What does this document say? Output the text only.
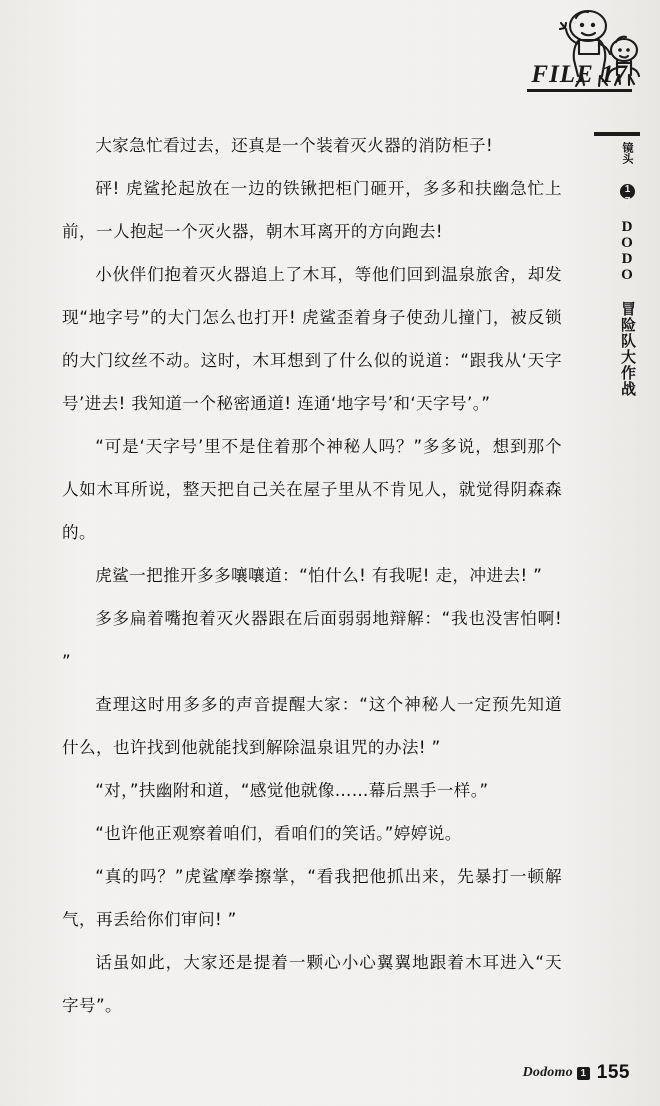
FILE 17
镜头 17 DODO 冒险队大作战

大家急忙看过去，还真是一个装着灭火器的消防柜子!

砰! 虎鲨抡起放在一边的铁锹把柜门砸开，多多和扶幽急忙上前，一人抱起一个灭火器，朝木耳离开的方向跑去!

小伙伴们抱着灭火器追上了木耳，等他们回到温泉旅舍，却发现“地字号”的大门怎么也打开! 虎鲨歪着身子使劲儿撞门，被反锁的大门纹丝不动。这时，木耳想到了什么似的说道：“跟我从‘天字号’进去! 我知道一个秘密通道! 连通‘地字号’和‘天字号’。”

“可是‘天字号’里不是住着那个神秘人吗？”多多说，想到那个人如木耳所说，整天把自己关在屋子里从不肯见人，就觉得阴森森的。

虎鲨一把推开多多嚷嚷道：“怕什么! 有我呢! 走，冲进去! ”

多多扁着嘴抱着灭火器跟在后面弱弱地辩解：“我也没害怕啊! ”

查理这时用多多的声音提醒大家：“这个神秘人一定预先知道什么，也许找到他就能找到解除温泉诅咒的办法! ”

“对，”扶幽附和道，“感觉他就像……幕后黑手一样。”

“也许他正观察着咱们，看咱们的笑话。”婷婷说。

“真的吗？”虎鲨摩拳擦掌，“看我把他抓出来，先暴打一顿解气，再丢给你们审问! ”

话虽如此，大家还是提着一颗心小心翼翼地跟着木耳进入“天字号”。

Dodomo 1 155
